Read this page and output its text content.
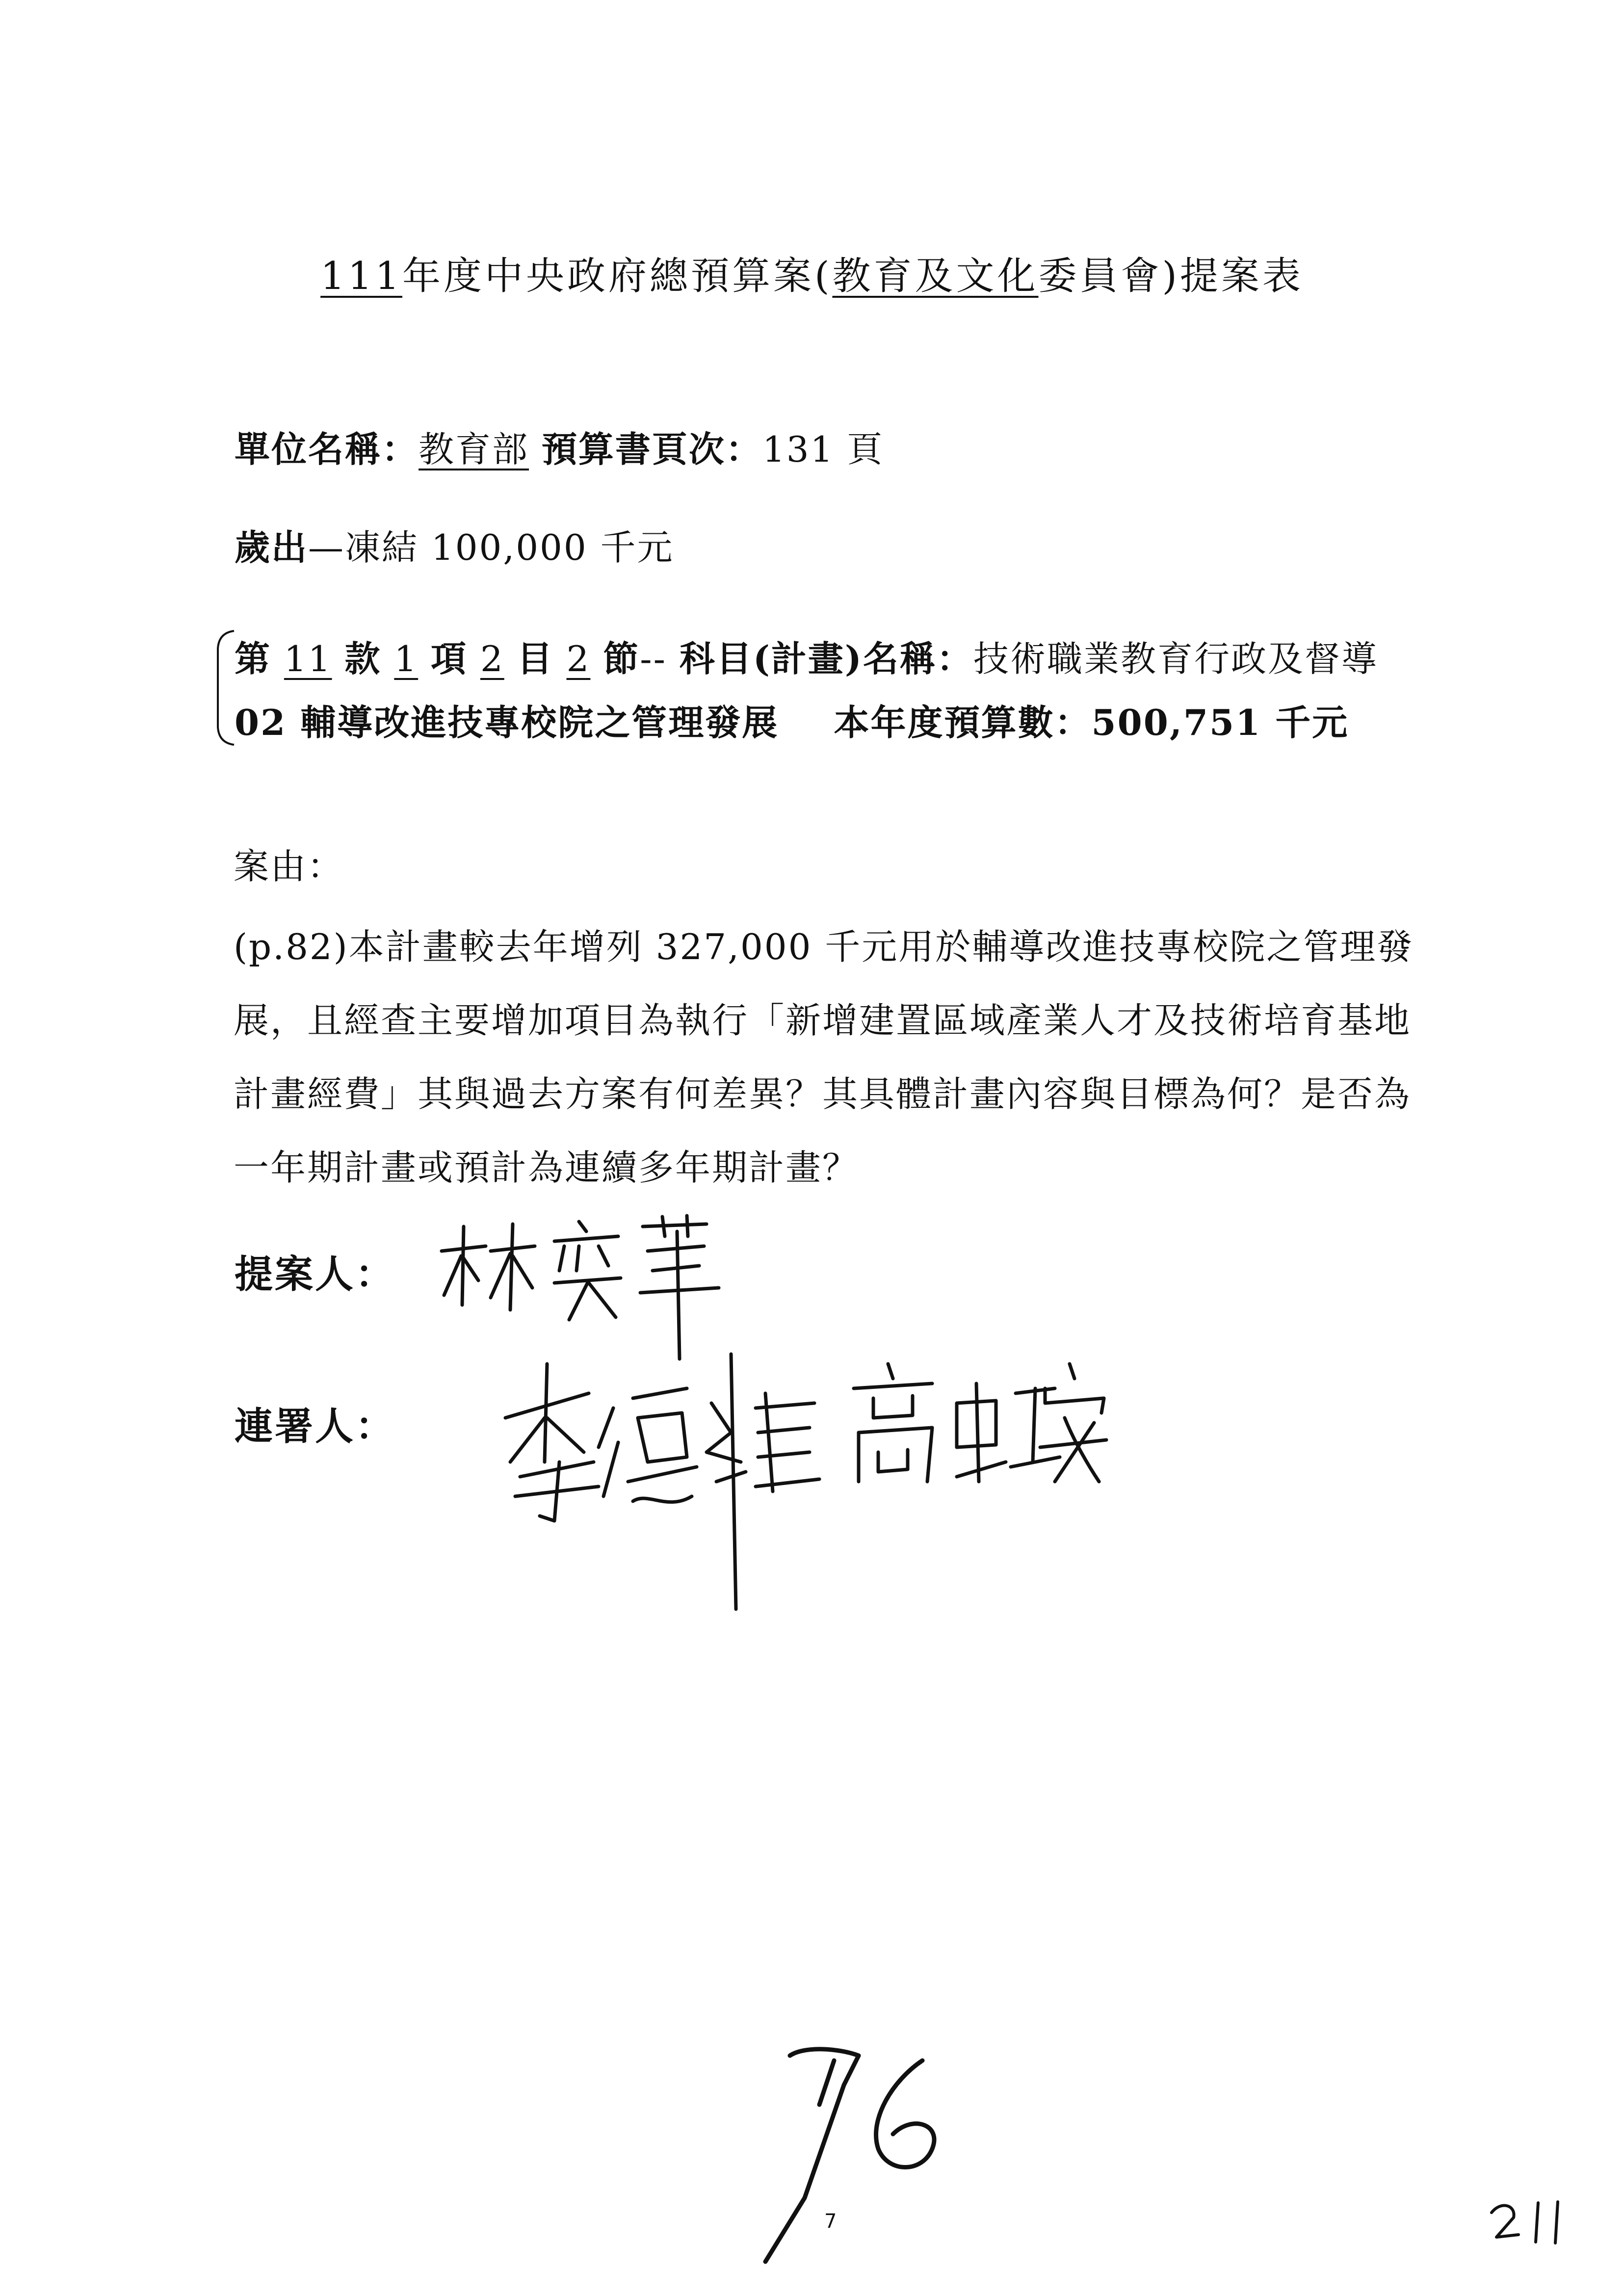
111年度中央政府總預算案(教育及文化委員會)提案表
單位名稱：教育部 預算書頁次：131 頁
歲出—凍結 100,000 千元
第 11 款 1 項 2 目 2 節-- 科目(計畫)名稱：技術職業教育行政及督導
02 輔導改進技專校院之管理發展 本年度預算數：500,751 千元
案由：
(p.82)本計畫較去年增列 327,000 千元用於輔導改進技專校院之管理發展，且經查主要增加項目為執行「新增建置區域產業人才及技術培育基地計畫經費」其與過去方案有何差異？其具體計畫內容與目標為何？是否為一年期計畫或預計為連續多年期計畫？
提案人：
連署人：
7
